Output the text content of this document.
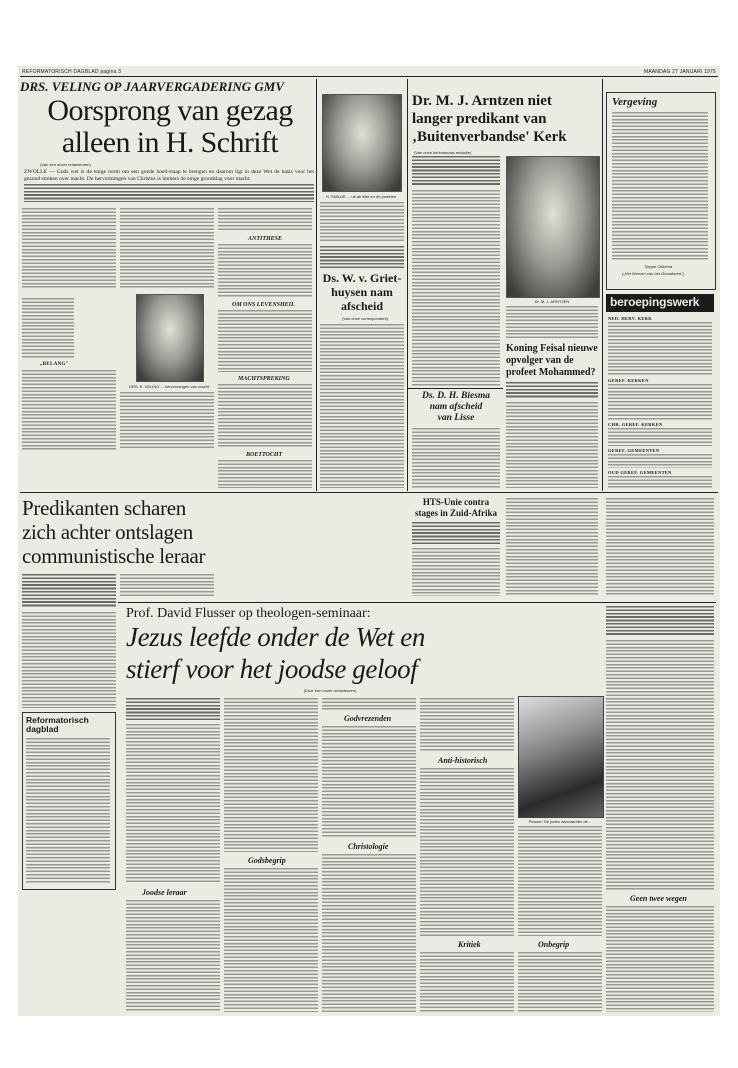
REFORMATORISCH DAGBLAD pagina 3	MAANDAG 27 JANUARI 1975
DRS. VELING OP JAARVERGADERING GMV
Oorsprong van gezag
alleen in H. Schrift
(Van een onzer redacteuren)
ZWOLLE — Gods wet is de enige norm om een goede hoed-staap te brengen en daarom ligt in deze Wet de basis voor het gezond streken over macht. De hervormingen van Christus is immers de enige grondslag voor macht.
„BELANG"
DRS. K. VELING ... hervormingen van macht
ANTITHESE
OM ONS LEVENSHEIL
MACHTSPREKING
BOETTOCHT
H. SMILDE ... uit de Wet en de profeten
Ds. W. v. Griet-
huysen nam
afscheid
(Van onze correspondent)
Dr. M. J. Arntzen niet
langer predikant van
‚Buitenverbandse' Kerk
(Van onze kerkrnieuws-redactie)
Dr. M. J. ARNTZEN
Koning Feisal nieuwe
opvolger van de
profeet Mohammed?
Ds. D. H. Biesma
nam afscheid
van Lisse
Vergeving
Tjeppe Okkema
(„Het Werven van het Grondbeen")
beroepingswerk
NED. HERV. KERK
GEREF. KERKEN
CHR. GEREF. KERKEN
GEREF. GEMEENTEN
OUD GEREF. GEMEENTEN
Predikanten scharen
zich achter ontslagen
communistische leraar
HTS-Unie contra
stages in Zuid-Afrika
Prof. David Flusser op theologen-seminaar:
Jezus leefde onder de Wet en
stierf voor het joodse geloof
(Door een onzer redacteuren)
Reformatorisch dagblad
Joodse leraar
Godsbegrip
Godvrezenden
Christologie
Anti-historisch
Kritiek
Flusser: De joden aanvaarden de...
Onbegrip
Geen twee wegen
